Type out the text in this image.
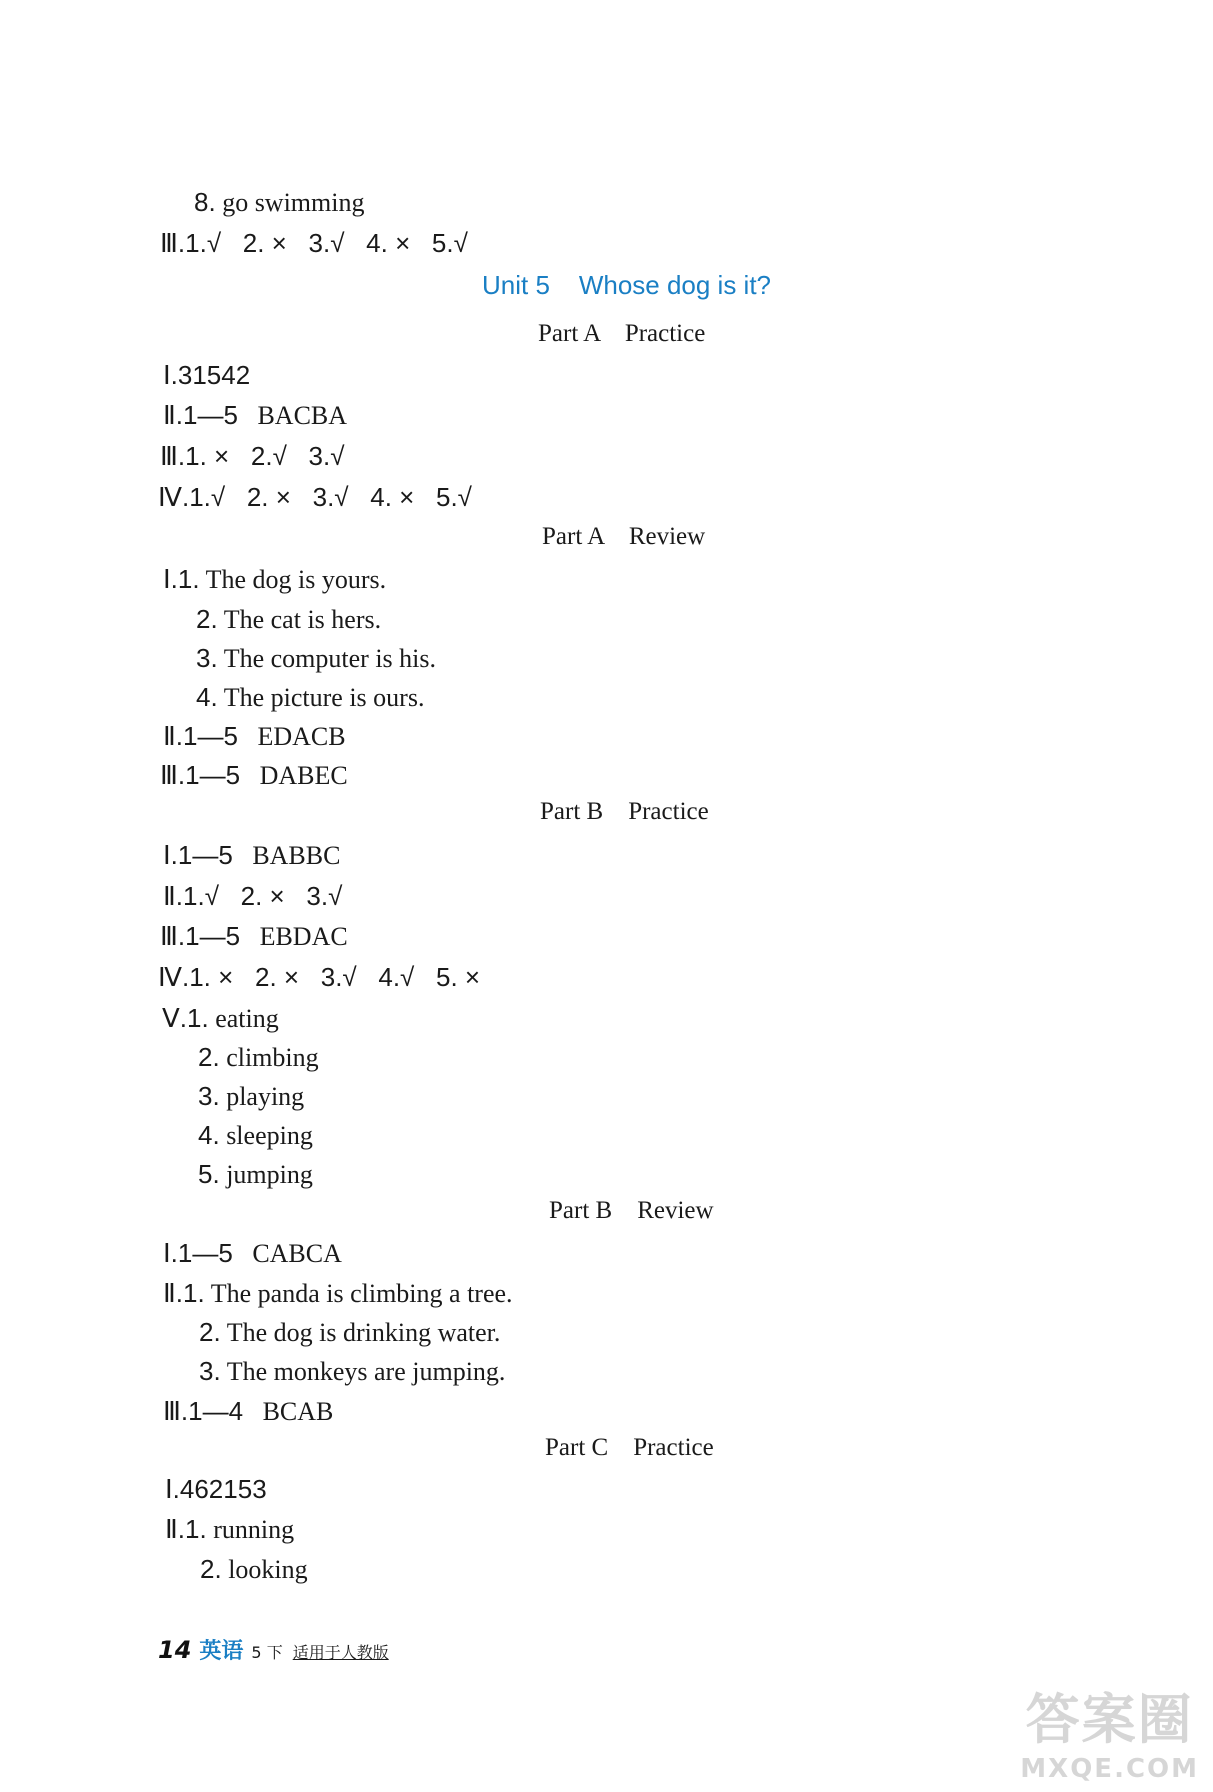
8. go swimming
Ⅲ.1.√   2. ×   3.√   4. ×   5.√
Unit 5    Whose dog is it?
Part A    Practice
Ⅰ.31542
Ⅱ.1—5   BACBA
Ⅲ.1. ×   2.√   3.√
Ⅳ.1.√   2. ×   3.√   4. ×   5.√
Part A    Review
Ⅰ.1. The dog is yours.
2. The cat is hers.
3. The computer is his.
4. The picture is ours.
Ⅱ.1—5   EDACB
Ⅲ.1—5   DABEC
Part B    Practice
Ⅰ.1—5   BABBC
Ⅱ.1.√   2. ×   3.√
Ⅲ.1—5   EBDAC
Ⅳ.1. ×   2. ×   3.√   4.√   5. ×
Ⅴ.1. eating
2. climbing
3. playing
4. sleeping
5. jumping
Part B    Review
Ⅰ.1—5   CABCA
Ⅱ.1. The panda is climbing a tree.
2. The dog is drinking water.
3. The monkeys are jumping.
Ⅲ.1—4   BCAB
Part C    Practice
Ⅰ.462153
Ⅱ.1. running
2. looking
14 英语 5 下 适用于人教版
答案圈
MXQE.COM
